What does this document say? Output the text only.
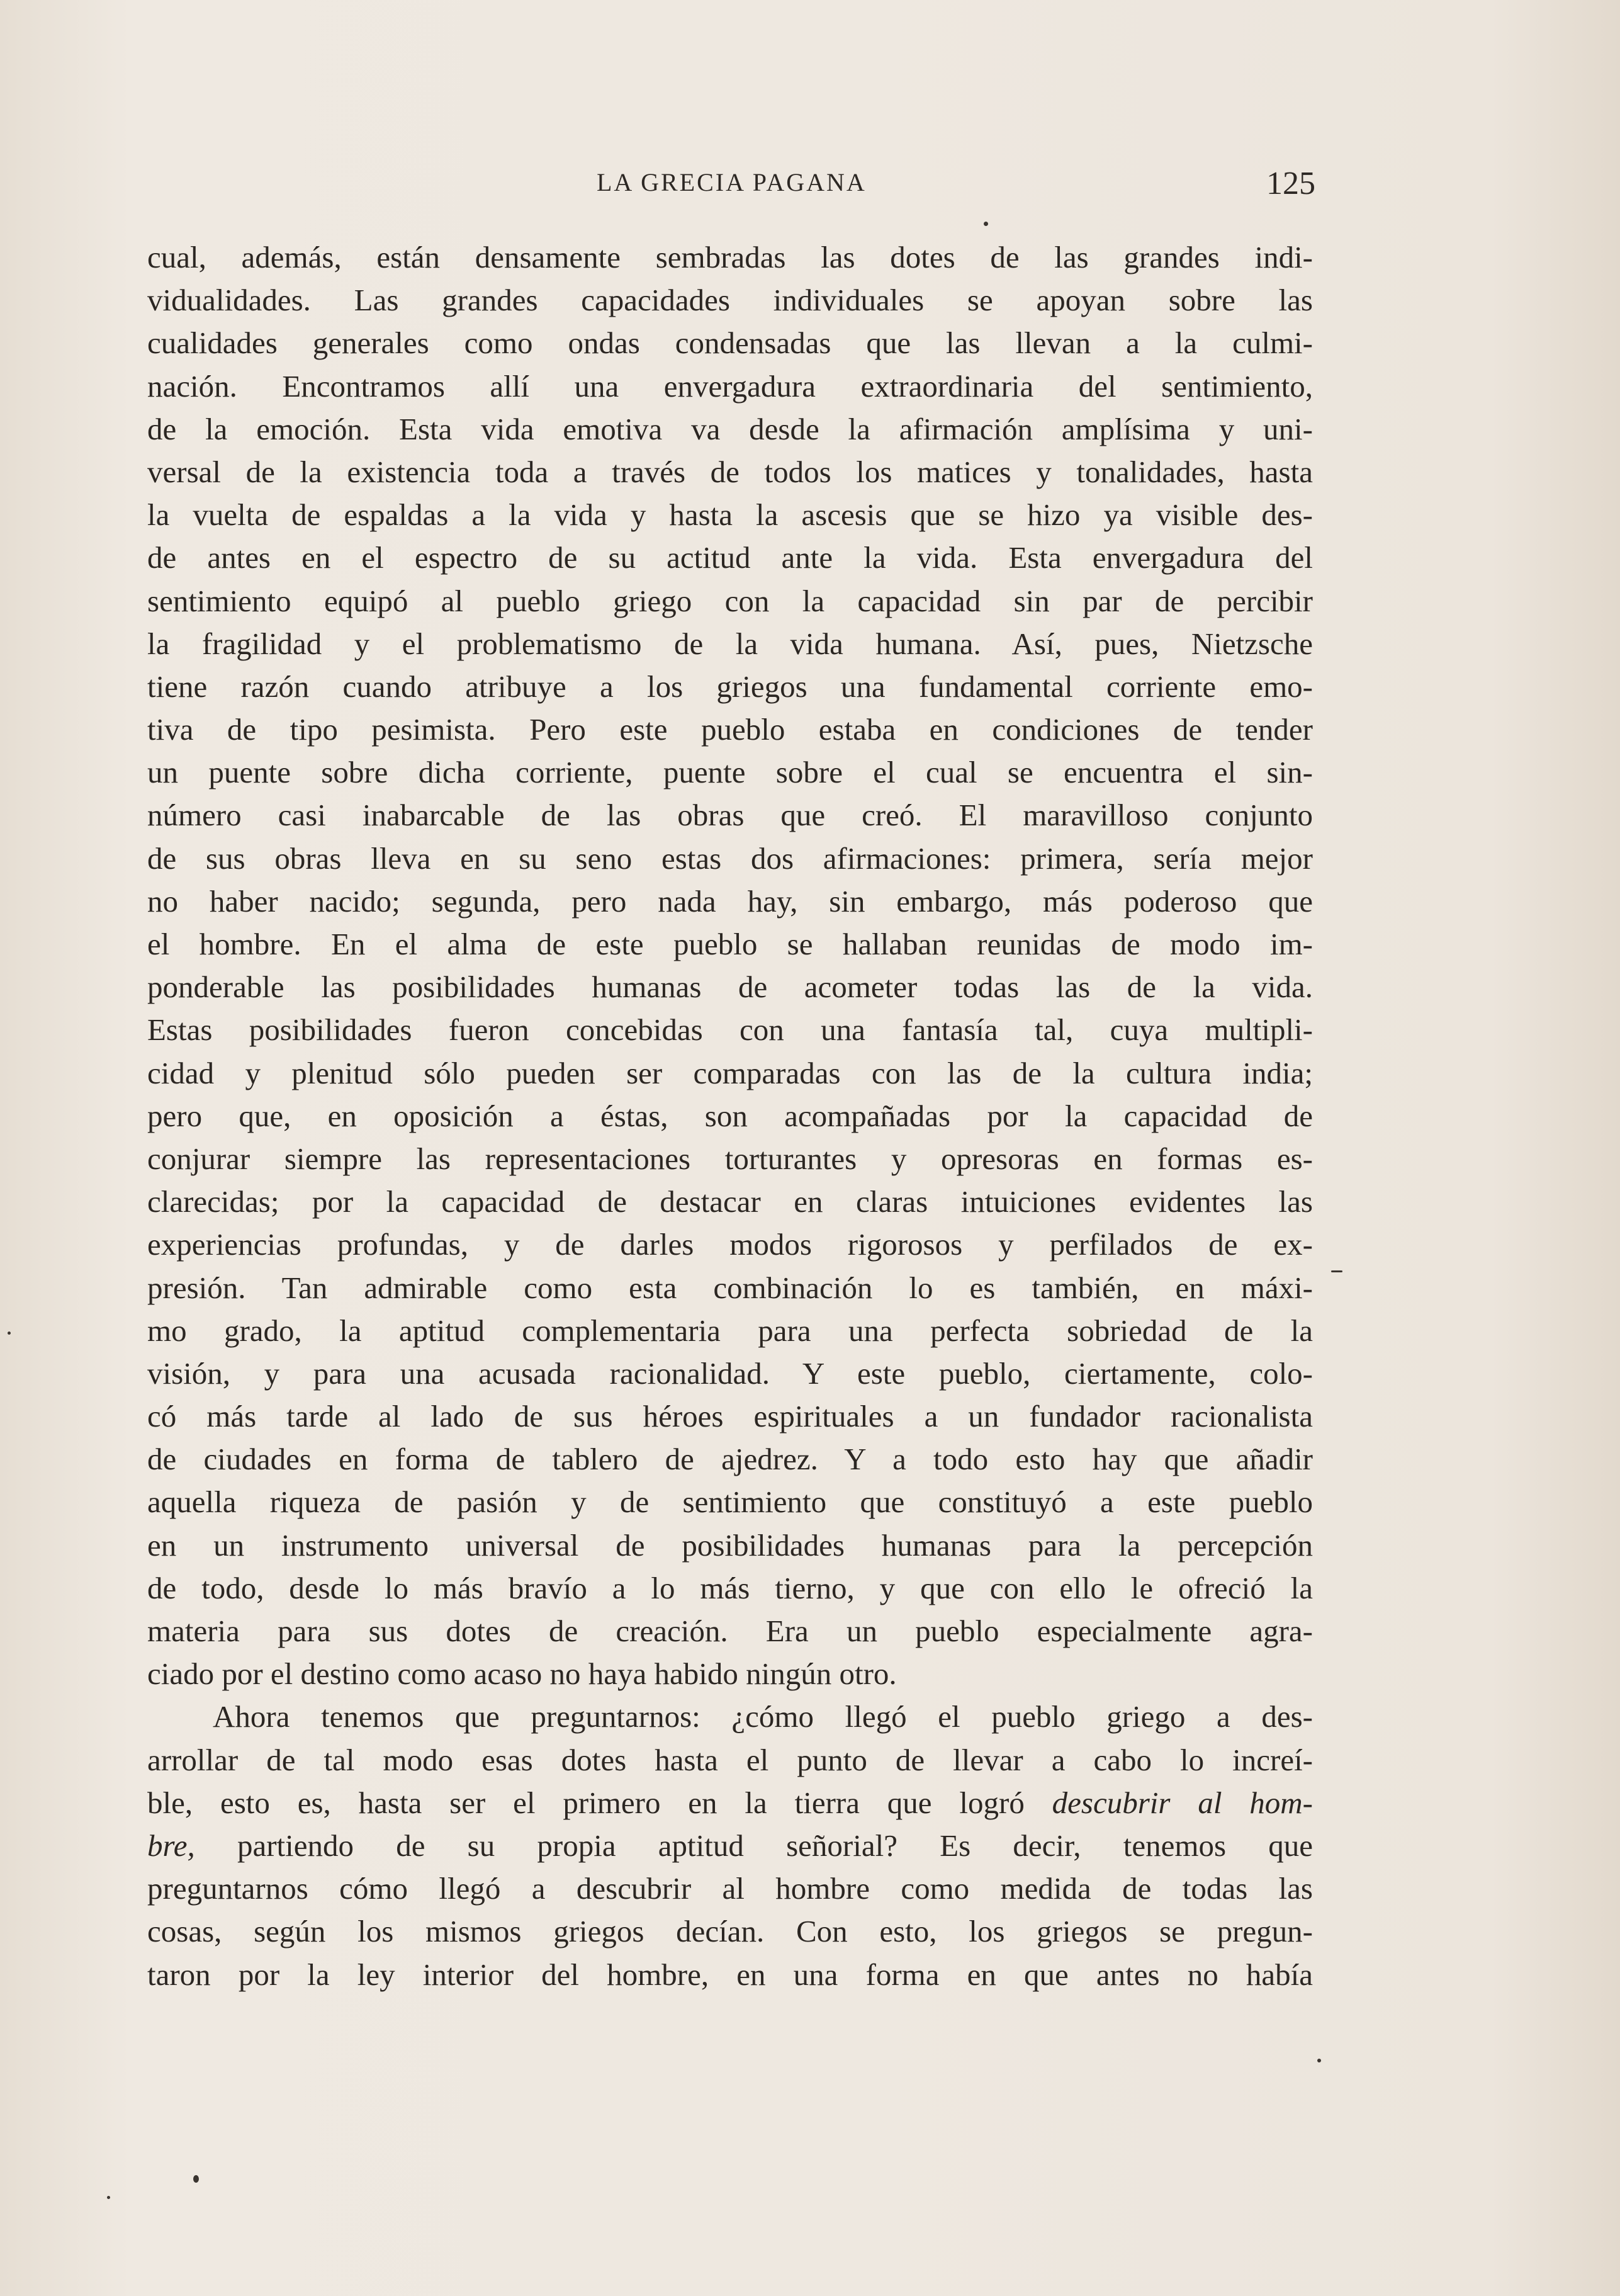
LA GRECIA PAGANA	125
cual, además, están densamente sembradas las dotes de las grandes indi-
vidualidades. Las grandes capacidades individuales se apoyan sobre las
cualidades generales como ondas condensadas que las llevan a la culmi-
nación. Encontramos allí una envergadura extraordinaria del sentimiento,
de la emoción. Esta vida emotiva va desde la afirmación amplísima y uni-
versal de la existencia toda a través de todos los matices y tonalidades, hasta
la vuelta de espaldas a la vida y hasta la ascesis que se hizo ya visible des-
de antes en el espectro de su actitud ante la vida. Esta envergadura del
sentimiento equipó al pueblo griego con la capacidad sin par de percibir
la fragilidad y el problematismo de la vida humana. Así, pues, Nietzsche
tiene razón cuando atribuye a los griegos una fundamental corriente emo-
tiva de tipo pesimista. Pero este pueblo estaba en condiciones de tender
un puente sobre dicha corriente, puente sobre el cual se encuentra el sin-
número casi inabarcable de las obras que creó. El maravilloso conjunto
de sus obras lleva en su seno estas dos afirmaciones: primera, sería mejor
no haber nacido; segunda, pero nada hay, sin embargo, más poderoso que
el hombre. En el alma de este pueblo se hallaban reunidas de modo im-
ponderable las posibilidades humanas de acometer todas las de la vida.
Estas posibilidades fueron concebidas con una fantasía tal, cuya multipli-
cidad y plenitud sólo pueden ser comparadas con las de la cultura india;
pero que, en oposición a éstas, son acompañadas por la capacidad de
conjurar siempre las representaciones torturantes y opresoras en formas es-
clarecidas; por la capacidad de destacar en claras intuiciones evidentes las
experiencias profundas, y de darles modos rigorosos y perfilados de ex-
presión. Tan admirable como esta combinación lo es también, en máxi-
mo grado, la aptitud complementaria para una perfecta sobriedad de la
visión, y para una acusada racionalidad. Y este pueblo, ciertamente, colo-
có más tarde al lado de sus héroes espirituales a un fundador racionalista
de ciudades en forma de tablero de ajedrez. Y a todo esto hay que añadir
aquella riqueza de pasión y de sentimiento que constituyó a este pueblo
en un instrumento universal de posibilidades humanas para la percepción
de todo, desde lo más bravío a lo más tierno, y que con ello le ofreció la
materia para sus dotes de creación. Era un pueblo especialmente agra-
ciado por el destino como acaso no haya habido ningún otro.
Ahora tenemos que preguntarnos: ¿cómo llegó el pueblo griego a des-
arrollar de tal modo esas dotes hasta el punto de llevar a cabo lo increí-
ble, esto es, hasta ser el primero en la tierra que logró descubrir al hom-
bre, partiendo de su propia aptitud señorial? Es decir, tenemos que
preguntarnos cómo llegó a descubrir al hombre como medida de todas las
cosas, según los mismos griegos decían. Con esto, los griegos se pregun-
taron por la ley interior del hombre, en una forma en que antes no había
